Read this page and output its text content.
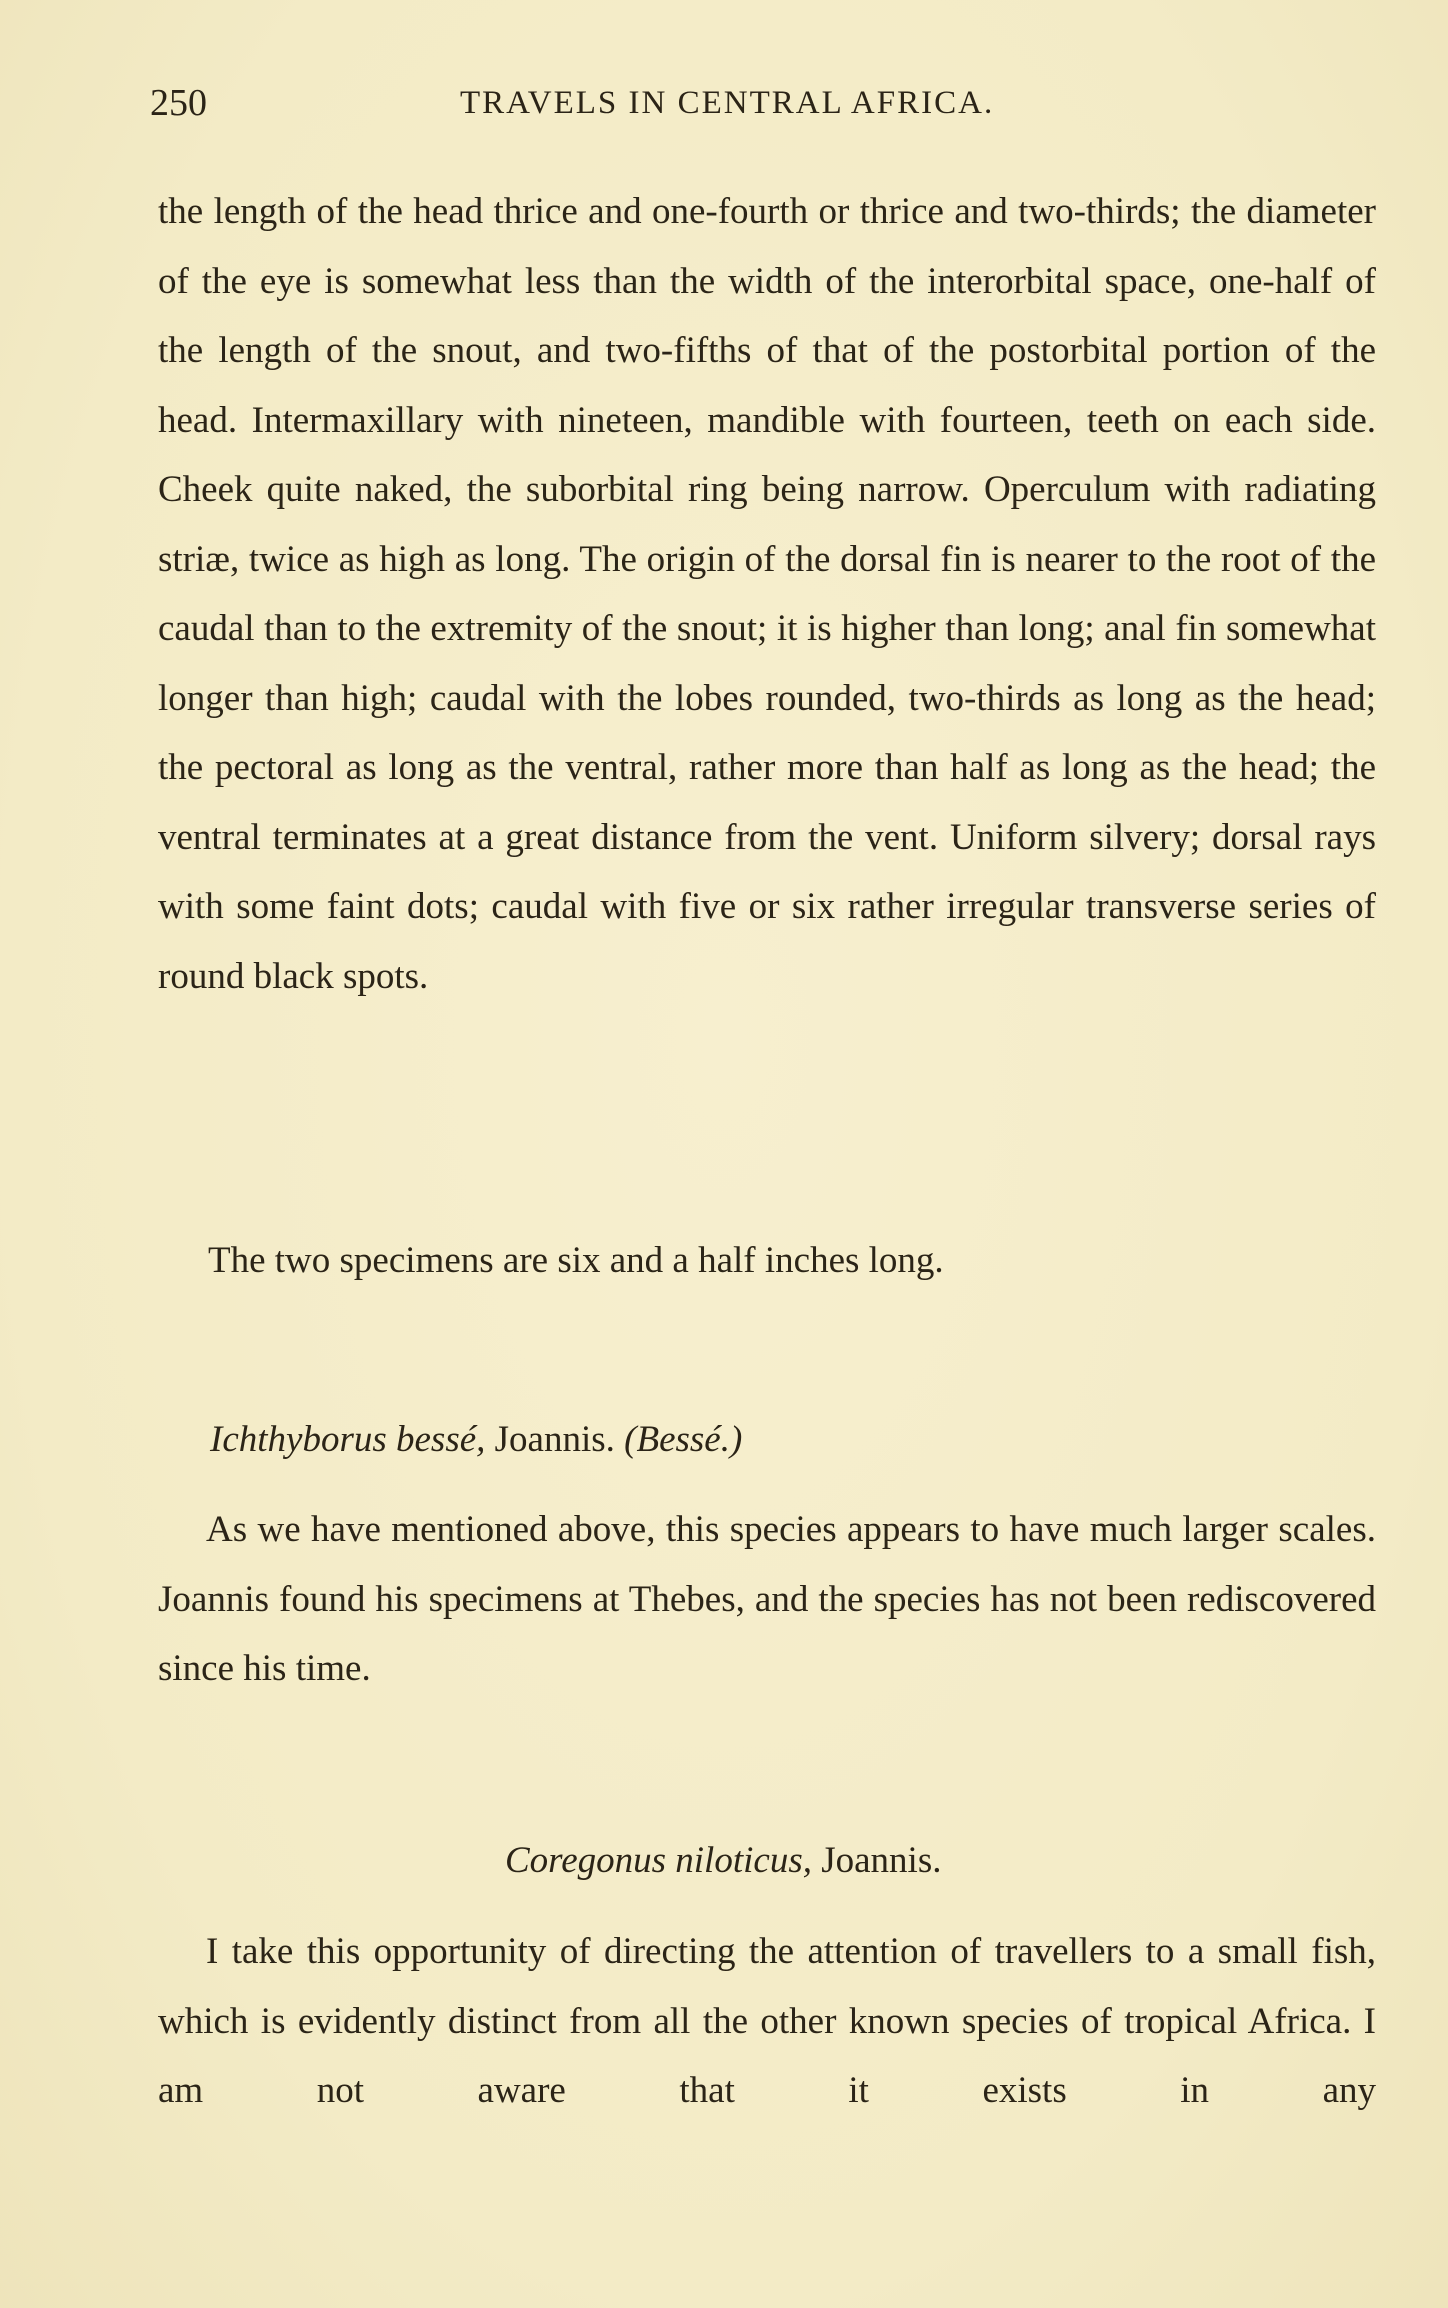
250	TRAVELS IN CENTRAL AFRICA.

the length of the head thrice and one-fourth or thrice and two-thirds; the diameter of the eye is somewhat less than the width of the interorbital space, one-half of the length of the snout, and two-fifths of that of the postorbital portion of the head. Intermaxillary with nineteen, mandible with fourteen, teeth on each side. Cheek quite naked, the suborbital ring being narrow. Operculum with radiating striæ, twice as high as long. The origin of the dorsal fin is nearer to the root of the caudal than to the extremity of the snout; it is higher than long; anal fin somewhat longer than high; caudal with the lobes rounded, two-thirds as long as the head; the pectoral as long as the ventral, rather more than half as long as the head; the ventral terminates at a great distance from the vent. Uniform silvery; dorsal rays with some faint dots; caudal with five or six rather irregular transverse series of round black spots.

The two specimens are six and a half inches long.

Ichthyborus bessé, Joannis. (Bessé.)

As we have mentioned above, this species appears to have much larger scales. Joannis found his specimens at Thebes, and the species has not been rediscovered since his time.

Coregonus niloticus, Joannis.

I take this opportunity of directing the attention of travellers to a small fish, which is evidently distinct from all the other known species of tropical Africa. I am not aware that it exists in any
